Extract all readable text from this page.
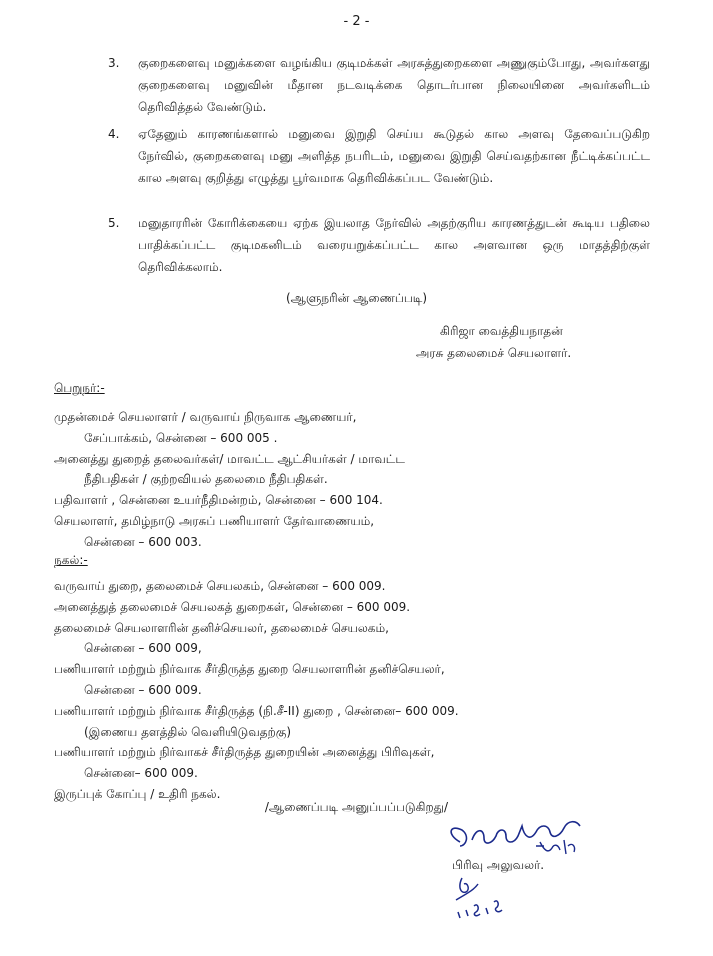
- 2 -
3. குறைகளைவு மனுக்களை வழங்கிய குடிமக்கள் அரசுத்துறைகளை அணுகும்போது, அவர்களது குறைகளைவு மனுவின் மீதான நடவடிக்கை தொடர்பான நிலையினை அவர்களிடம் தெரிவித்தல் வேண்டும்.
4. ஏதேனும் காரணங்களால் மனுவை இறுதி செய்ய கூடுதல் கால அளவு தேவைப்படுகிற நேர்வில், குறைகளைவு மனு அளித்த நபரிடம், மனுவை இறுதி செய்வதற்கான நீட்டிக்கப்பட்ட கால அளவு குறித்து எழுத்து பூர்வமாக தெரிவிக்கப்பட வேண்டும்.
5. மனுதாரரின் கோரிக்கையை ஏற்க இயலாத நேர்வில் அதற்குரிய காரணத்துடன் கூடிய பதிலை பாதிக்கப்பட்ட குடிமகனிடம் வரையறுக்கப்பட்ட கால அளவான ஒரு மாதத்திற்குள் தெரிவிக்கலாம்.
(ஆளுநரின் ஆணைப்படி)
கிரிஜா வைத்தியநாதன்
அரசு தலைமைச் செயலாளர்.
பெறுநர்:-
முதன்மைச் செயலாளர் / வருவாய் நிருவாக ஆணையர்,
சேப்பாக்கம், சென்னை – 600 005 .
அனைத்து துறைத் தலைவர்கள்/ மாவட்ட ஆட்சியர்கள் / மாவட்ட
நீதிபதிகள் / குற்றவியல் தலைமை நீதிபதிகள்.
பதிவாளர் , சென்னை உயர்நீதிமன்றம், சென்னை – 600 104.
செயலாளர், தமிழ்நாடு அரசுப் பணியாளர் தேர்வாணையம்,
சென்னை – 600 003.
நகல்:-
வருவாய் துறை, தலைமைச் செயலகம், சென்னை – 600 009.
அனைத்துத் தலைமைச் செயலகத் துறைகள், சென்னை – 600 009.
தலைமைச் செயலாளரின் தனிச்செயலர், தலைமைச் செயலகம்,
சென்னை – 600 009,
பணியாளர் மற்றும் நிர்வாக சீர்திருத்த துறை செயலாளரின் தனிச்செயலர்,
சென்னை – 600 009.
பணியாளர் மற்றும் நிர்வாக சீர்திருத்த (நி.சீ-II) துறை , சென்னை– 600 009.
(இணைய தளத்தில் வெளியிடுவதற்கு)
பணியாளர் மற்றும் நிர்வாகச் சீர்திருத்த துறையின் அனைத்து பிரிவுகள்,
சென்னை– 600 009.
இருப்புக் கோப்பு / உதிரி நகல்.
/ஆணைப்படி அனுப்பப்படுகிறது/
பிரிவு அலுவலர்.
